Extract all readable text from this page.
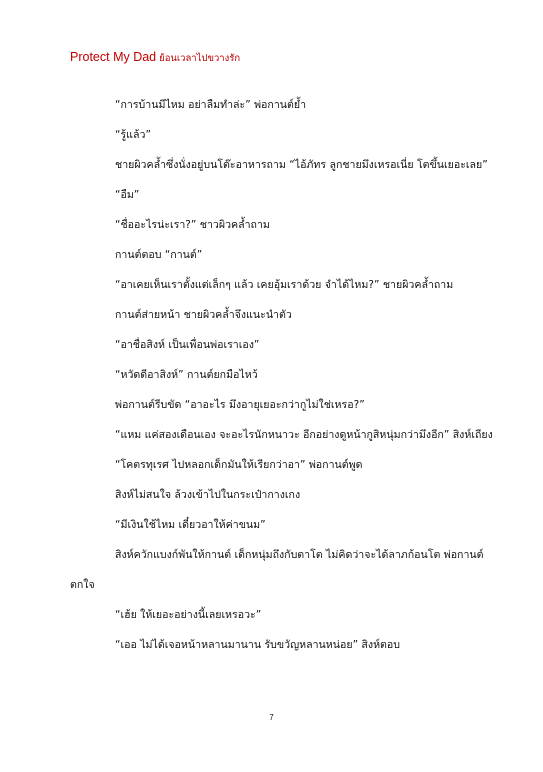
Protect My Dad ย้อนเวลาไปขวางรัก

“การบ้านมีไหม อย่าลืมทำล่ะ” พ่อกานต์ย้ำ

“รู้แล้ว”

ชายผิวคล้ำซึ่งนั่งอยู่บนโต๊ะอาหารถาม “ไอ้ภัทร ลูกชายมึงเหรอเนี่ย โตขึ้นเยอะเลย”

“อืม”

“ชื่ออะไรน่ะเรา?” ชาวผิวคล้ำถาม

กานต์ตอบ “กานต์”

“อาเคยเห็นเราตั้งแต่เล็กๆ แล้ว เคยอุ้มเราด้วย จำได้ไหม?” ชายผิวคล้ำถาม

กานต์ส่ายหน้า ชายผิวคล้ำจึงแนะนำตัว

“อาชื่อสิงห์ เป็นเพื่อนพ่อเราเอง”

“หวัดดีอาสิงห์” กานต์ยกมือไหว้

พ่อกานต์รีบขัด “อาอะไร มึงอายุเยอะกว่ากูไม่ใช่เหรอ?”

“แหม แค่สองเดือนเอง จะอะไรนักหนาวะ อีกอย่างดูหน้ากูสิหนุ่มกว่ามึงอีก” สิงห์เถียง

“โคตรทุเรศ ไปหลอกเด็กมันให้เรียกว่าอา” พ่อกานต์พูด

สิงห์ไม่สนใจ ล้วงเข้าไปในกระเป๋ากางเกง

“มีเงินใช้ไหม เดี๋ยวอาให้ค่าขนม”

สิงห์ควักแบงก์พันให้กานต์ เด็กหนุ่มถึงกับตาโต ไม่คิดว่าจะได้ลาภก้อนโต พ่อกานต์ตกใจ

“เฮ้ย ให้เยอะอย่างนี้เลยเหรอวะ”

“เออ ไม่ได้เจอหน้าหลานมานาน รับขวัญหลานหน่อย” สิงห์ตอบ

7
